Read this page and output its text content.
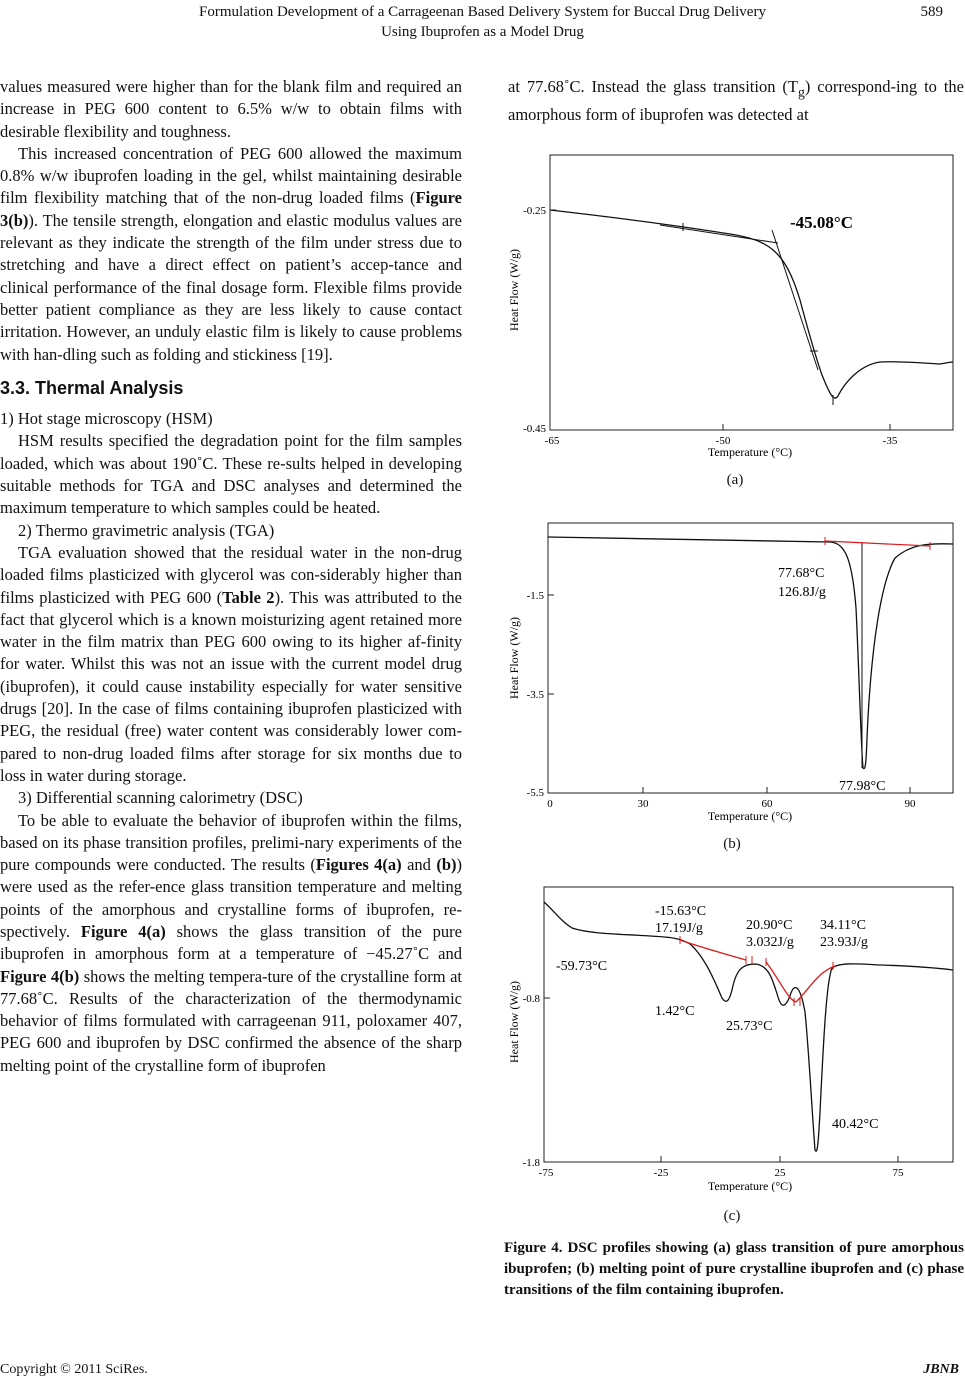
Formulation Development of a Carrageenan Based Delivery System for Buccal Drug Delivery
Using Ibuprofen as a Model Drug
589

values measured were higher than for the blank film and required an increase in PEG 600 content to 6.5% w/w to obtain films with desirable flexibility and toughness.

This increased concentration of PEG 600 allowed the maximum 0.8% w/w ibuprofen loading in the gel, whilst maintaining desirable film flexibility matching that of the non-drug loaded films (Figure 3(b)). The tensile strength, elongation and elastic modulus values are relevant as they indicate the strength of the film under stress due to stretching and have a direct effect on patient’s accep-tance and clinical performance of the final dosage form. Flexible films provide better patient compliance as they are less likely to cause contact irritation. However, an unduly elastic film is likely to cause problems with han-dling such as folding and stickiness [19].

3.3. Thermal Analysis

1) Hot stage microscopy (HSM)

HSM results specified the degradation point for the film samples loaded, which was about 190˚C. These re-sults helped in developing suitable methods for TGA and DSC analyses and determined the maximum temperature to which samples could be heated.

2) Thermo gravimetric analysis (TGA)

TGA evaluation showed that the residual water in the non-drug loaded films plasticized with glycerol was con-siderably higher than films plasticized with PEG 600 (Table 2). This was attributed to the fact that glycerol which is a known moisturizing agent retained more water in the film matrix than PEG 600 owing to its higher af-finity for water. Whilst this was not an issue with the current model drug (ibuprofen), it could cause instability especially for water sensitive drugs [20]. In the case of films containing ibuprofen plasticized with PEG, the residual (free) water content was considerably lower com-pared to non-drug loaded films after storage for six months due to loss in water during storage.

3) Differential scanning calorimetry (DSC)

To be able to evaluate the behavior of ibuprofen within the films, based on its phase transition profiles, prelimi-nary experiments of the pure compounds were conducted. The results (Figures 4(a) and (b)) were used as the refer-ence glass transition temperature and melting points of the amorphous and crystalline forms of ibuprofen, re-spectively. Figure 4(a) shows the glass transition of the pure ibuprofen in amorphous form at a temperature of −45.27˚C and Figure 4(b) shows the melting tempera-ture of the crystalline form at 77.68˚C. Results of the characterization of the thermodynamic behavior of films formulated with carrageenan 911, poloxamer 407, PEG 600 and ibuprofen by DSC confirmed the absence of the sharp melting point of the crystalline form of ibuprofen

at 77.68˚C. Instead the glass transition $(T_g)$ correspond-ing to the amorphous form of ibuprofen was detected at

-0.25
-0.45
-65	-50	-35
Temperature (°C)
Heat Flow (W/g)
-45.08°C
(a)
-1.5
-3.5
-5.5
0	30	60	90
Temperature (°C)
Heat Flow (W/g)
77.68°C
126.8J/g
77.98°C
(b)
-0.8
-1.8
-75	-25	25	75
Temperature (°C)
Heat Flow (W/g)
-15.63°C
17.19J/g	20.90°C
3.032J/g
34.11°C
23.93J/g
-59.73°C
1.42°C
25.73°C
40.42°C
(c)
Figure 4. DSC profiles showing (a) glass transition of pure amorphous ibuprofen; (b) melting point of pure crystalline ibuprofen and (c) phase transitions of the film containing ibuprofen.
Copyright © 2011 SciRes.	JBNB
